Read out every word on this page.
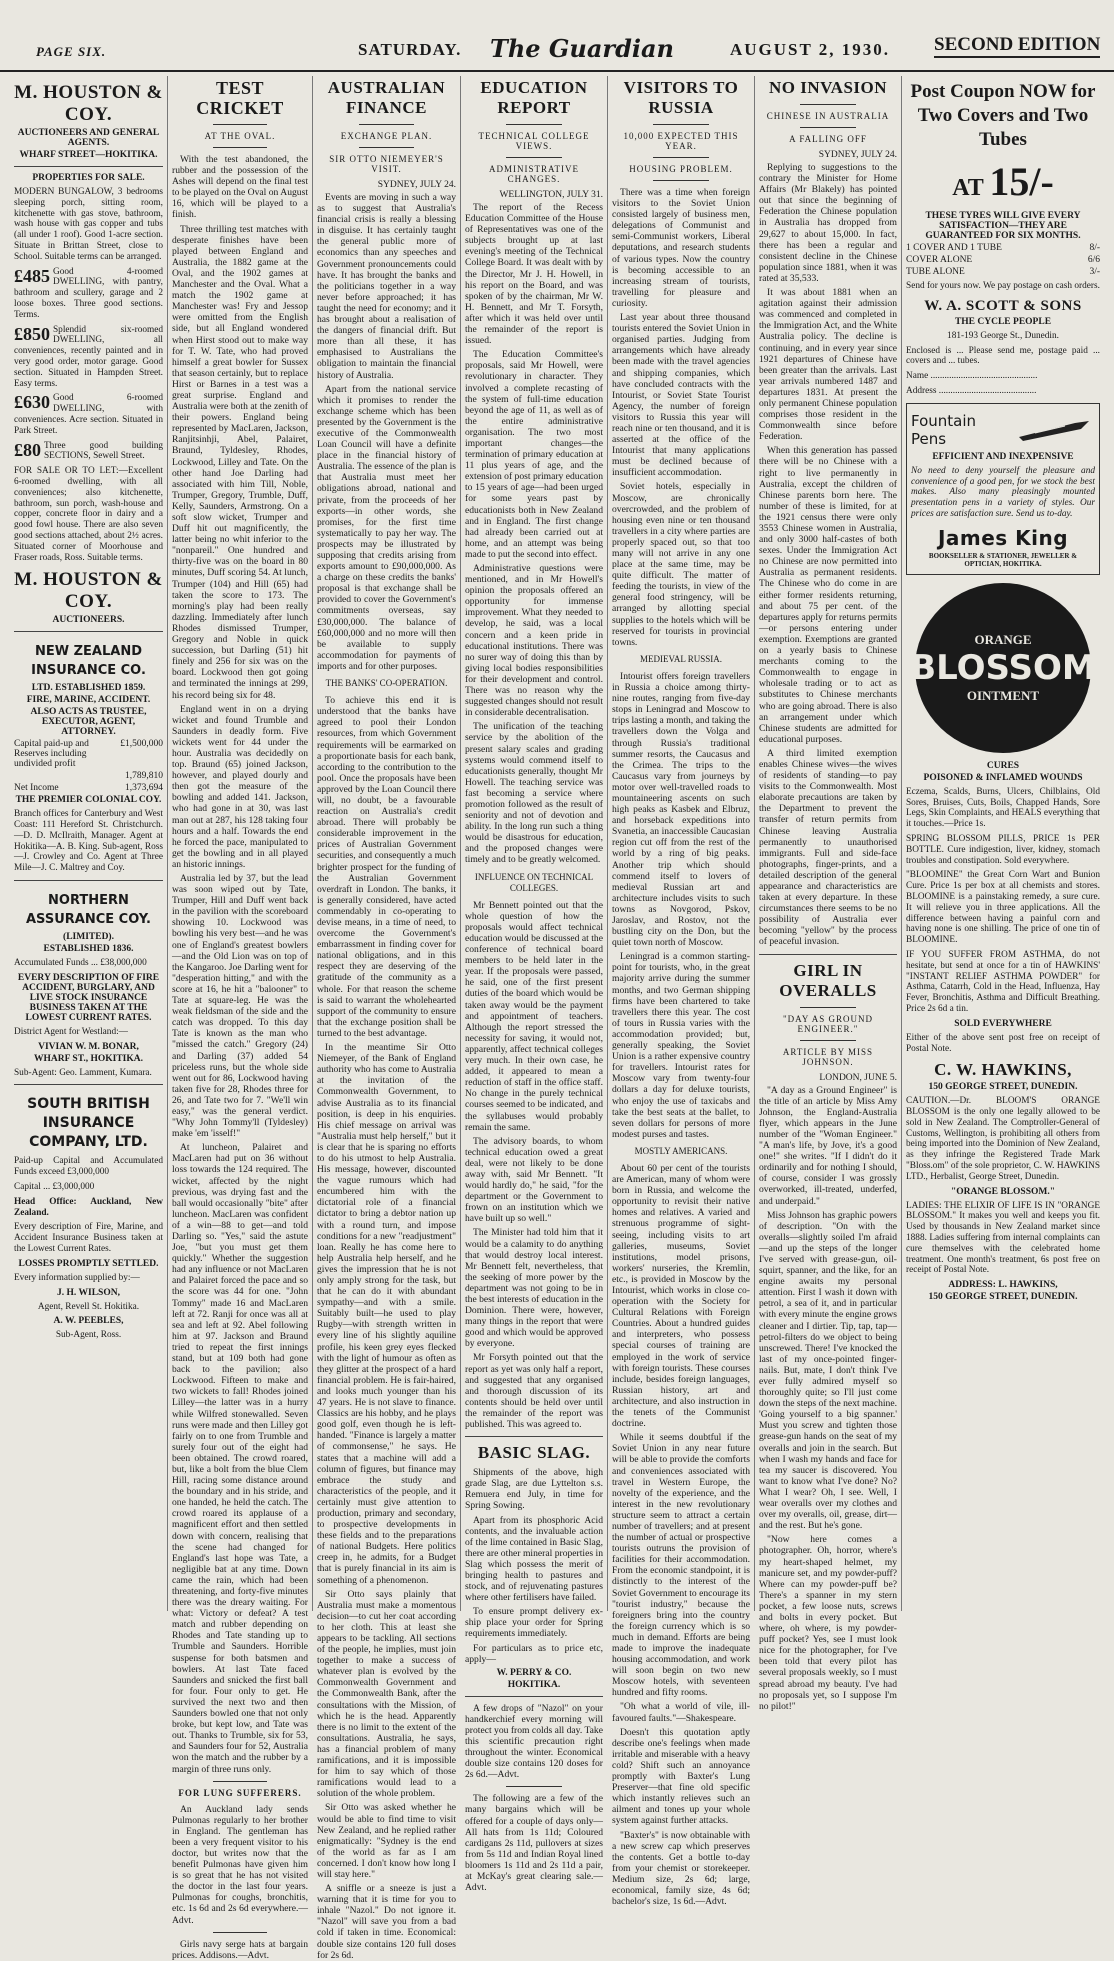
PAGE SIX.	SATURDAY. The Guardian	AUGUST 2, 1930. SECOND EDITION
M. HOUSTON & COY.
AUCTIONEERS AND GENERAL AGENTS.
WHARF STREET—HOKITIKA.
PROPERTIES FOR SALE.
MODERN BUNGALOW, 3 bedrooms sleeping porch, sitting room, kitchenette with gas stove, bathroom, wash house with gas copper and tubs (all under 1 roof). Good 1-acre section. Situate in Brittan Street, close to School. Suitable terms can be arranged.
£485 Good 4-roomed DWELLING, with pantry, bathroom and scullery, garage and 2 loose boxes. Three good sections. Terms.
£850 Splendid six-roomed DWELLING, all conveniences, recently painted and in very good order, motor garage. Good section. Situated in Hampden Street. Easy terms.
£630 Good 6-roomed DWELLING, with conveniences. Acre section. Situated in Park Street.
£80 Three good building SECTIONS, Sewell Street.
FOR SALE OR TO LET:—Excellent 6-roomed dwelling, with all conveniences; also kitchenette, bathroom, sun porch, wash-house and copper, concrete floor in dairy and a good fowl house. There are also seven good sections attached, about 2½ acres. Situated corner of Moorhouse and Fraser roads, Ross. Suitable terms.
M. HOUSTON & COY.
AUCTIONEERS.
NEW ZEALAND INSURANCE CO.
LTD. ESTABLISHED 1859.
FIRE, MARINE, ACCIDENT.
ALSO ACTS AS TRUSTEE, EXECUTOR, AGENT, ATTORNEY.
Capital paid-up and Reserves including undivided profit
£1,500,000
1,789,810
Net Income	1,373,694
THE PREMIER COLONIAL COY.
Branch offices for Canterbury and West Coast: 111 Hereford St. Christchurch.—D. D. McIlraith, Manager. Agent at Hokitika—A. B. King. Sub-agent, Ross—J. Crowley and Co. Agent at Three Mile—J. C. Maltrey and Coy.
NORTHERN ASSURANCE COY.
(LIMITED).
ESTABLISHED 1836.
Accumulated Funds ... £38,000,000
EVERY DESCRIPTION OF FIRE ACCIDENT, BURGLARY, AND LIVE STOCK INSURANCE BUSINESS TAKEN AT THE LOWEST CURRENT RATES.
District Agent for Westland:—
VIVIAN W. M. BONAR,
WHARF ST., HOKITIKA.
Sub-Agent: Geo. Lamment, Kumara.
SOUTH BRITISH INSURANCE COMPANY, LTD.
Paid-up Capital and Accumulated Funds exceed £3,000,000
Capital ... £3,000,000
Head Office: Auckland, New Zealand.
Every description of Fire, Marine, and Accident Insurance Business taken at the Lowest Current Rates.
LOSSES PROMPTLY SETTLED.
Every information supplied by:—
J. H. WILSON,
Agent, Revell St. Hokitika.
A. W. PEEBLES,
Sub-Agent, Ross.
TEST CRICKET
AT THE OVAL.

With the test abandoned, the rubber and the possession of the Ashes will depend on the final test to be played on the Oval on August 16, which will be played to a finish.

Three thrilling test matches with desperate finishes have been played between England and Australia, the 1882 game at the Oval, and the 1902 games at Manchester and the Oval. What a match the 1902 game at Manchester was! Fry and Jessop were omitted from the English side, but all England wondered when Hirst stood out to make way for T. W. Tate, who had proved himself a great bowler for Sussex that season certainly, but to replace Hirst or Barnes in a test was a great surprise. England and Australia were both at the zenith of their powers. England being represented by MacLaren, Jackson, Ranjitsinhji, Abel, Palairet, Braund, Tyldesley, Rhodes, Lockwood, Lilley and Tate. On the other hand Joe Darling had associated with him Till, Noble, Trumper, Gregory, Trumble, Duff, Kelly, Saunders, Armstrong. On a soft slow wicket, Trumper and Duff hit out magnificently, the latter being no whit inferior to the "nonpareil." One hundred and thirty-five was on the board in 80 minutes, Duff scoring 54. At lunch, Trumper (104) and Hill (65) had taken the score to 173. The morning's play had been really dazzling. Immediately after lunch Rhodes dismissed Trumper, Gregory and Noble in quick succession, but Darling (51) hit finely and 256 for six was on the board. Lockwood then got going and terminated the innings at 299, his record being six for 48.

England went in on a drying wicket and found Trumble and Saunders in deadly form. Five wickets went for 44 under the hour. Australia was decidedly on top. Braund (65) joined Jackson, however, and played dourly and then got the measure of the bowling and added 141. Jackson, who had gone in at 30, was last man out at 287, his 128 taking four hours and a half. Towards the end he forced the pace, manipulated to get the bowling and in all played an historic innings.

Australia led by 37, but the lead was soon wiped out by Tate, Trumper, Hill and Duff went back in the pavilion with the scoreboard showing 10. Lockwood was bowling his very best—and he was one of England's greatest bowlers—and the Old Lion was on top of the Kangaroo. Joe Darling went for "desperation hitting," and with the score at 16, he hit a "balooner" to Tate at square-leg. He was the weak fieldsman of the side and the catch was dropped. To this day Tate is known as the man who "missed the catch." Gregory (24) and Darling (37) added 54 priceless runs, but the whole side went out for 86, Lockwood having taken five for 28, Rhodes three for 26, and Tate two for 7. "We'll win easy," was the general verdict. "Why John Tommy'll (Tyldesley) make 'em 'isself!"

At luncheon, Palairet and MacLaren had put on 36 without loss towards the 124 required. The wicket, affected by the night previous, was drying fast and the ball would occasionally "bite" after luncheon. MacLaren was confident of a win—88 to get—and told Darling so. "Yes," said the astute Joe, "but you must get them quickly." Whether the suggestion had any influence or not MacLaren and Palairet forced the pace and so the score was 44 for one. "John Tommy" made 16 and MacLaren left at 72. Ranji for once was all at sea and left at 92. Abel following him at 97. Jackson and Braund tried to repeat the first innings stand, but at 109 both had gone back to the pavilion; also Lockwood. Fifteen to make and two wickets to fall! Rhodes joined Lilley—the latter was in a hurry while Wilfred stonewalled. Seven runs were made and then Lilley got fairly on to one from Trumble and surely four out of the eight had been obtained. The crowd roared, but, like a bolt from the blue Clem Hill, racing some distance around the boundary and in his stride, and one handed, he held the catch. The crowd roared its applause of a magnificent effort and then settled down with concern, realising that the scene had changed for England's last hope was Tate, a negligible bat at any time. Down came the rain, which had been threatening, and forty-five minutes there was the dreary waiting. For what: Victory or defeat? A test match and rubber depending on Rhodes and Tate standing up to Trumble and Saunders. Horrible suspense for both batsmen and bowlers. At last Tate faced Saunders and snicked the first ball for four. Four only to get. He survived the next two and then Saunders bowled one that not only broke, but kept low, and Tate was out. Thanks to Trumble, six for 53, and Saunders four for 52, Australia won the match and the rubber by a margin of three runs only.

FOR LUNG SUFFERERS.

An Auckland lady sends Pulmonas regularly to her brother in England. The gentleman has been a very frequent visitor to his doctor, but writes now that the benefit Pulmonas have given him is so great that he has not visited the doctor in the last four years. Pulmonas for coughs, bronchitis, etc. 1s 6d and 2s 6d everywhere.—Advt.

Girls navy serge hats at bargain prices. Addisons.—Advt.

AUSTRALIAN FINANCE
EXCHANGE PLAN.
SIR OTTO NIEMEYER'S VISIT.
SYDNEY, JULY 24.

Events are moving in such a way as to suggest that Australia's financial crisis is really a blessing in disguise. It has certainly taught the general public more of economics than any speeches and Government pronouncements could have. It has brought the banks and the politicians together in a way never before approached; it has taught the need for economy; and it has brought about a realisation of the dangers of financial drift. But more than all these, it has emphasised to Australians the obligation to maintain the financial history of Australia.

Apart from the national service which it promises to render the exchange scheme which has been presented by the Government is the executive of the Commonwealth Loan Council will have a definite place in the financial history of Australia. The essence of the plan is that Australia must meet her obligations abroad, national and private, from the proceeds of her exports—in other words, she promises, for the first time systematically to pay her way. The prospects may be illustrated by supposing that credits arising from exports amount to £90,000,000. As a charge on these credits the banks' proposal is that exchange shall be provided to cover the Government's commitments overseas, say £30,000,000. The balance of £60,000,000 and no more will then be available to supply accommodation for payments of imports and for other purposes.

THE BANKS' CO-OPERATION.

To achieve this end it is understood that the banks have agreed to pool their London resources, from which Government requirements will be earmarked on a proportionate basis for each bank, according to the contribution to the pool. Once the proposals have been approved by the Loan Council there will, no doubt, be a favourable reaction on Australia's credit abroad. There will probably be considerable improvement in the prices of Australian Government securities, and consequently a much brighter prospect for the funding of the Australian Government overdraft in London. The banks, it is generally considered, have acted commendably in co-operating to devise means, in a time of need, to overcome the Government's embarrassment in finding cover for national obligations, and in this respect they are deserving of the gratitude of the community as a whole. For that reason the scheme is said to warrant the wholehearted support of the community to ensure that the exchange position shall be turned to the best advantage.

In the meantime Sir Otto Niemeyer, of the Bank of England authority who has come to Australia at the invitation of the Commonwealth Government, to advise Australia as to its financial position, is deep in his enquiries. His chief message on arrival was "Australia must help herself," but it is clear that he is sparing no efforts to do his utmost to help Australia. His message, however, discounted the vague rumours which had encumbered him with the dictatorial role of a financial dictator to bring a debtor nation up with a round turn, and impose conditions for a new "readjustment" loan. Really he has come here to help Australia help herself, and he gives the impression that he is not only amply strong for the task, but that he can do it with abundant sympathy—and with a smile. Suitably built—he used to play Rugby—with strength written in every line of his slightly aquiline profile, his keen grey eyes flecked with the light of humour as often as they glitter at the prospect of a hard financial problem. He is fair-haired, and looks much younger than his 47 years. He is not slave to finance. Classics are his hobby, and he plays good golf, even though he is left-handed. "Finance is largely a matter of commonsense," he says. He states that a machine will add a column of figures, but finance may embrace the study and characteristics of the people, and it certainly must give attention to production, primary and secondary, to prospective developments in these fields and to the preparations of national Budgets. Here politics creep in, he admits, for a Budget that is purely financial in its aim is something of a phenomenon.

Sir Otto says plainly that Australia must make a momentous decision—to cut her coat according to her cloth. This at least she appears to be tackling. All sections of the people, he implies, must join together to make a success of whatever plan is evolved by the Commonwealth Government and the Commonwealth Bank, after the consultations with the Mission, of which he is the head. Apparently there is no limit to the extent of the consultations. Australia, he says, has a financial problem of many ramifications, and it is impossible for him to say which of those ramifications would lead to a solution of the whole problem.

Sir Otto was asked whether he would be able to find time to visit New Zealand, and he replied rather enigmatically: "Sydney is the end of the world as far as I am concerned. I don't know how long I will stay here."

A sniffle or a sneeze is just a warning that it is time for you to inhale "Nazol." Do not ignore it. "Nazol" will save you from a bad cold if taken in time. Economical: double size contains 120 full doses for 2s 6d.

EDUCATION REPORT
TECHNICAL COLLEGE VIEWS.
ADMINISTRATIVE CHANGES.
WELLINGTON, JULY 31.

The report of the Recess Education Committee of the House of Representatives was one of the subjects brought up at last evening's meeting of the Technical College Board. It was dealt with by the Director, Mr J. H. Howell, in his report on the Board, and was spoken of by the chairman, Mr W. H. Bennett, and Mr T. Forsyth, after which it was held over until the remainder of the report is issued.

The Education Committee's proposals, said Mr Howell, were revolutionary in character. They involved a complete recasting of the system of full-time education beyond the age of 11, as well as of the entire administrative organisation. The two most important changes—the termination of primary education at 11 plus years of age, and the extension of post primary education to 15 years of age—had been urged for some years past by educationists both in New Zealand and in England. The first change had already been carried out at home, and an attempt was being made to put the second into effect.

Administrative questions were mentioned, and in Mr Howell's opinion the proposals offered an opportunity for immense improvement. What they needed to develop, he said, was a local concern and a keen pride in educational institutions. There was no surer way of doing this than by giving local bodies responsibilities for their development and control. There was no reason why the suggested changes should not result in considerable decentralisation.

The unification of the teaching service by the abolition of the present salary scales and grading systems would commend itself to educationists generally, thought Mr Howell. The teaching service was fast becoming a service where promotion followed as the result of seniority and not of devotion and ability. In the long run such a thing would be disastrous for education, and the proposed changes were timely and to be greatly welcomed.

INFLUENCE ON TECHNICAL COLLEGES.

Mr Bennett pointed out that the whole question of how the proposals would affect technical education would be discussed at the conference of technical board members to be held later in the year. If the proposals were passed, he said, one of the first present duties of the board which would be taken away would be the payment and appointment of teachers. Although the report stressed the necessity for saving, it would not, apparently, affect technical colleges very much. In their own case, he added, it appeared to mean a reduction of staff in the office staff. No change in the purely technical courses seemed to be indicated, and the syllabuses would probably remain the same.

The advisory boards, to whom technical education owed a great deal, were not likely to be done away with, said Mr Bennett. "It would hardly do," he said, "for the department or the Government to frown on an institution which we have built up so well."

The Minister had told him that it would be a calamity to do anything that would destroy local interest. Mr Bennett felt, nevertheless, that the seeking of more power by the department was not going to be in the best interests of education in the Dominion. There were, however, many things in the report that were good and which would be approved by everyone.

Mr Forsyth pointed out that the report as yet was only half a report, and suggested that any organised and thorough discussion of its contents should be held over until the remainder of the report was published. This was agreed to.

BASIC SLAG.

Shipments of the above, high grade Slag, are due Lyttelton s.s. Remuera end July, in time for Spring Sowing.

Apart from its phosphoric Acid contents, and the invaluable action of the lime contained in Basic Slag, there are other mineral properties in Slag which possess the merit of bringing health to pastures and stock, and of rejuvenating pastures where other fertilisers have failed.

To ensure prompt delivery ex-ship place your order for Spring requirements immediately.

For particulars as to price etc, apply—

W. PERRY & CO.
HOKITIKA.

A few drops of "Nazol" on your handkerchief every morning will protect you from colds all day. Take this scientific precaution right throughout the winter. Economical double size contains 120 doses for 2s 6d.—Advt.

The following are a few of the many bargains which will be offered for a couple of days only—All hats from 1s 11d; Coloured cardigans 2s 11d, pullovers at sizes from 5s 11d and Indian Royal lined bloomers 1s 11d and 2s 11d a pair, at McKay's great clearing sale.—Advt.

VISITORS TO RUSSIA
10,000 EXPECTED THIS YEAR.
HOUSING PROBLEM.

There was a time when foreign visitors to the Soviet Union consisted largely of business men, delegations of Communist and semi-Communist workers, Liberal deputations, and research students of various types. Now the country is becoming accessible to an increasing stream of tourists, travelling for pleasure and curiosity.

Last year about three thousand tourists entered the Soviet Union in organised parties. Judging from arrangements which have already been made with the travel agencies and shipping companies, which have concluded contracts with the Intourist, or Soviet State Tourist Agency, the number of foreign visitors to Russia this year will reach nine or ten thousand, and it is asserted at the office of the Intourist that many applications must be declined because of insufficient accommodation.

Soviet hotels, especially in Moscow, are chronically overcrowded, and the problem of housing even nine or ten thousand travellers in a city where parties are properly spaced out, so that too many will not arrive in any one place at the same time, may be quite difficult. The matter of feeding the tourists, in view of the general food stringency, will be arranged by allotting special supplies to the hotels which will be reserved for tourists in provincial towns.

MEDIEVAL RUSSIA.

Intourist offers foreign travellers in Russia a choice among thirty-nine routes, ranging from five-day stops in Leningrad and Moscow to trips lasting a month, and taking the travellers down the Volga and through Russia's traditional summer resorts, the Caucasus and the Crimea. The trips to the Caucasus vary from journeys by motor over well-travelled roads to mountaineering ascents on such high peaks as Kasbek and Elbruz, and horseback expeditions into Svanetia, an inaccessible Caucasian region cut off from the rest of the world by a ring of big peaks. Another trip which should commend itself to lovers of medieval Russian art and architecture includes visits to such towns as Novgorod, Pskov, Jaroslav, and Rostov, not the bustling city on the Don, but the quiet town north of Moscow.

Leningrad is a common starting-point for tourists, who, in the great majority arrive during the summer months, and two German shipping firms have been chartered to take travellers there this year. The cost of tours in Russia varies with the accommodation provided; but, generally speaking, the Soviet Union is a rather expensive country for travellers. Intourist rates for Moscow vary from twenty-four dollars a day for deluxe tourists, who enjoy the use of taxicabs and take the best seats at the ballet, to seven dollars for persons of more modest purses and tastes.

MOSTLY AMERICANS.

About 60 per cent of the tourists are American, many of whom were born in Russia, and welcome the opportunity to revisit their native homes and relatives. A varied and strenuous programme of sight-seeing, including visits to art galleries, museums, Soviet institutions, model prisons, workers' nurseries, the Kremlin, etc., is provided in Moscow by the Intourist, which works in close co-operation with the Society for Cultural Relations with Foreign Countries. About a hundred guides and interpreters, who possess special courses of training are employed in the work of service with foreign tourists. These courses include, besides foreign languages, Russian history, art and architecture, and also instruction in the tenets of the Communist doctrine.

While it seems doubtful if the Soviet Union in any near future will be able to provide the comforts and conveniences associated with travel in Western Europe, the novelty of the experience, and the interest in the new revolutionary structure seem to attract a certain number of travellers; and at present the number of actual or prospective tourists outruns the provision of facilities for their accommodation. From the economic standpoint, it is distinctly to the interest of the Soviet Government to encourage its "tourist industry," because the foreigners bring into the country the foreign currency which is so much in demand. Efforts are being made to improve the inadequate housing accommodation, and work will soon begin on two new Moscow hotels, with seventeen hundred and fifty rooms.

"Oh what a world of vile, ill-favoured faults."—Shakespeare.

Doesn't this quotation aptly describe one's feelings when made irritable and miserable with a heavy cold? Shift such an annoyance promptly with Baxter's Lung Preserver—that fine old specific which instantly relieves such an ailment and tones up your whole system against further attacks.

"Baxter's" is now obtainable with a new screw cap which preserves the contents. Get a bottle to-day from your chemist or storekeeper. Medium size, 2s 6d; large, economical, family size, 4s 6d; bachelor's size, 1s 6d.—Advt.

NO INVASION
CHINESE IN AUSTRALIA
A FALLING OFF
SYDNEY, JULY 24.

Replying to suggestions to the contrary the Minister for Home Affairs (Mr Blakely) has pointed out that since the beginning of Federation the Chinese population in Australia has dropped from 29,627 to about 15,000. In fact, there has been a regular and consistent decline in the Chinese population since 1881, when it was rated at 35,533.

It was about 1881 when an agitation against their admission was commenced and completed in the Immigration Act, and the White Australia policy. The decline is continuing, and in every year since 1921 departures of Chinese have been greater than the arrivals. Last year arrivals numbered 1487 and departures 1831. At present the only permanent Chinese population comprises those resident in the Commonwealth since before Federation.

When this generation has passed there will be no Chinese with a right to live permanently in Australia, except the children of Chinese parents born here. The number of these is limited, for at the 1921 census there were only 3553 Chinese women in Australia, and only 3000 half-castes of both sexes. Under the Immigration Act no Chinese are now permitted into Australia as permanent residents. The Chinese who do come in are either former residents returning, and about 75 per cent. of the departures apply for returns permits—or persons entering under exemption. Exemptions are granted on a yearly basis to Chinese merchants coming to the Commonwealth to engage in wholesale trading or to act as substitutes to Chinese merchants who are going abroad. There is also an arrangement under which Chinese students are admitted for educational purposes.

A third limited exemption enables Chinese wives—the wives of residents of standing—to pay visits to the Commonwealth. Most elaborate precautions are taken by the Department to prevent the transfer of return permits from Chinese leaving Australia permanently to unauthorised immigrants. Full and side-face photographs, finger-prints, and a detailed description of the general appearance and characteristics are taken at every departure. In these circumstances there seems to be no possibility of Australia ever becoming "yellow" by the process of peaceful invasion.

GIRL IN OVERALLS
"DAY AS GROUND ENGINEER."
ARTICLE BY MISS JOHNSON.
LONDON, JUNE 5.

"A day as a Ground Engineer" is the title of an article by Miss Amy Johnson, the England-Australia flyer, which appears in the June number of the "Woman Engineer." "A man's life, by Jove, it's a good one!" she writes. "If I didn't do it ordinarily and for nothing I should, of course, consider I was grossly overworked, ill-treated, underfed, and underpaid."

Miss Johnson has graphic powers of description. "On with the overalls—slightly soiled I'm afraid—and up the steps of the longer I've served with grease-gun, oil-squirt, spanner, and the like, for an engine awaits my personal attention. First I wash it down with petrol, a sea of it, and in particular with every minute the engine grows cleaner and I dirtier. Tip, tap, tap—petrol-filters do we object to being unscrewed. There! I've knocked the last of my once-pointed finger-nails. But, mate, I don't think I've ever fully admired myself so thoroughly quite; so I'll just come down the steps of the next machine. 'Going yourself to a big spanner.' Must you screw and tighten those grease-gun hands on the seat of my overalls and join in the search. But when I wash my hands and face for tea my saucer is discovered. You want to know what I've done? No? What I wear? Oh, I see. Well, I wear overalls over my clothes and over my overalls, oil, grease, dirt—and the rest. But he's gone.

"Now here comes a photographer. Oh, horror, where's my heart-shaped helmet, my manicure set, and my powder-puff? Where can my powder-puff be? There's a spanner in my stern pocket, a few loose nuts, screws and bolts in every pocket. But where, oh where, is my powder-puff pocket? Yes, see I must look nice for the photographer, for I've been told that every pilot has several proposals weekly, so I must spread abroad my beauty. I've had no proposals yet, so I suppose I'm no pilot!"

Post Coupon NOW for Two Covers and Two Tubes
AT 15/-
THESE TYRES WILL GIVE EVERY SATISFACTION—THEY ARE GUARANTEED FOR SIX MONTHS.
1 COVER AND 1 TUBE	8/-
COVER ALONE	6/6
TUBE ALONE	3/-
Send for yours now. We pay postage on cash orders.
W. A. SCOTT & SONS
THE CYCLE PEOPLE
181-193 George St., Dunedin.
Enclosed is ... Please send me, postage paid ... covers and ... tubes.
Name ..............................................
Address ..........................................
Fountain Pens
EFFICIENT AND INEXPENSIVE
No need to deny yourself the pleasure and convenience of a good pen, for we stock the best makes. Also many pleasingly mounted presentation pens in a variety of styles. Our prices are satisfaction sure. Send us to-day.
James King
BOOKSELLER & STATIONER, JEWELLER & OPTICIAN, HOKITIKA.
ORANGE
BLOSSOM
OINTMENT
CURES
POISONED & INFLAMED WOUNDS
Eczema, Scalds, Burns, Ulcers, Chilblains, Old Sores, Bruises, Cuts, Boils, Chapped Hands, Sore Legs, Skin Complaints, and HEALS everything that it touches.—Price 1s.
SPRING BLOSSOM PILLS, PRICE 1s PER BOTTLE. Cure indigestion, liver, kidney, stomach troubles and constipation. Sold everywhere.
"BLOOMINE" the Great Corn Wart and Bunion Cure. Price 1s per box at all chemists and stores. BLOOMINE is a painstaking remedy, a sure cure. It will relieve you in three applications. All the difference between having a painful corn and having none is one shilling. The price of one tin of BLOOMINE.
IF YOU SUFFER FROM ASTHMA, do not hesitate, but send at once for a tin of HAWKINS' "INSTANT RELIEF ASTHMA POWDER" for Asthma, Catarrh, Cold in the Head, Influenza, Hay Fever, Bronchitis, Asthma and Difficult Breathing. Price 2s 6d a tin.
SOLD EVERYWHERE
Either of the above sent post free on receipt of Postal Note.
C. W. HAWKINS,
150 GEORGE STREET, DUNEDIN.
CAUTION.—Dr. BLOOM'S ORANGE BLOSSOM is the only one legally allowed to be sold in New Zealand. The Comptroller-General of Customs, Wellington, is prohibiting all others from being imported into the Dominion of New Zealand, as they infringe the Registered Trade Mark "Bloss.om" of the sole proprietor, C. W. HAWKINS LTD., Herbalist, George Street, Dunedin.
"ORANGE BLOSSOM."
LADIES: THE ELIXIR OF LIFE IS IN "ORANGE BLOSSOM." It makes you well and keeps you fit. Used by thousands in New Zealand market since 1888. Ladies suffering from internal complaints can cure themselves with the celebrated home treatment. One month's treatment, 6s post free on receipt of Postal Note.
ADDRESS: L. HAWKINS,
150 GEORGE STREET, DUNEDIN.
